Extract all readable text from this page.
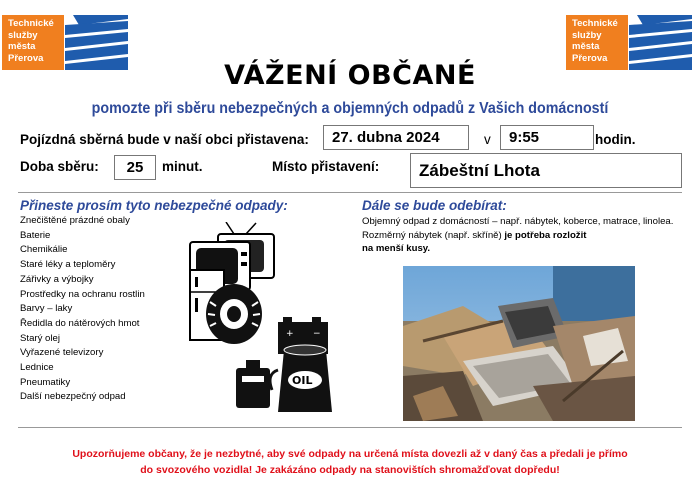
Technické
služby
města
Přerova
Technické
služby
města
Přerova
VÁŽENÍ OBČANÉ
pomozte při sběru nebezpečných a objemných odpadů z Vašich domácností
Pojízdná sběrná bude v naší obci přistavena:	27. dubna 2024	v	9:55	hodin.
Doba sběru:	25	minut.	Místo přistavení:	Zábeštní Lhota
Přineste prosím tyto nebezpečné odpady:
Znečištěné prázdné obaly
Baterie
Chemikálie
Staré léky a teploměry
Zářivky a výbojky
Prostředky na ochranu rostlin
Barvy – laky
Ředidla do nátěrových hmot
Starý olej
Vyřazené televizory
Lednice
Pneumatiky
Další nebezpečný odpad
+ −
OIL
Dále se bude odebírat:
Objemný odpad z domácností – např. nábytek, koberce, matrace, linolea.
Rozměrný nábytek (např. skříně) je potřeba rozložit
na menší kusy.
Upozorňujeme občany, že je nezbytné, aby své odpady na určená místa dovezli až v daný čas a předali je přímo
do svozového vozidla! Je zakázáno odpady na stanovištích shromažďovat dopředu!
